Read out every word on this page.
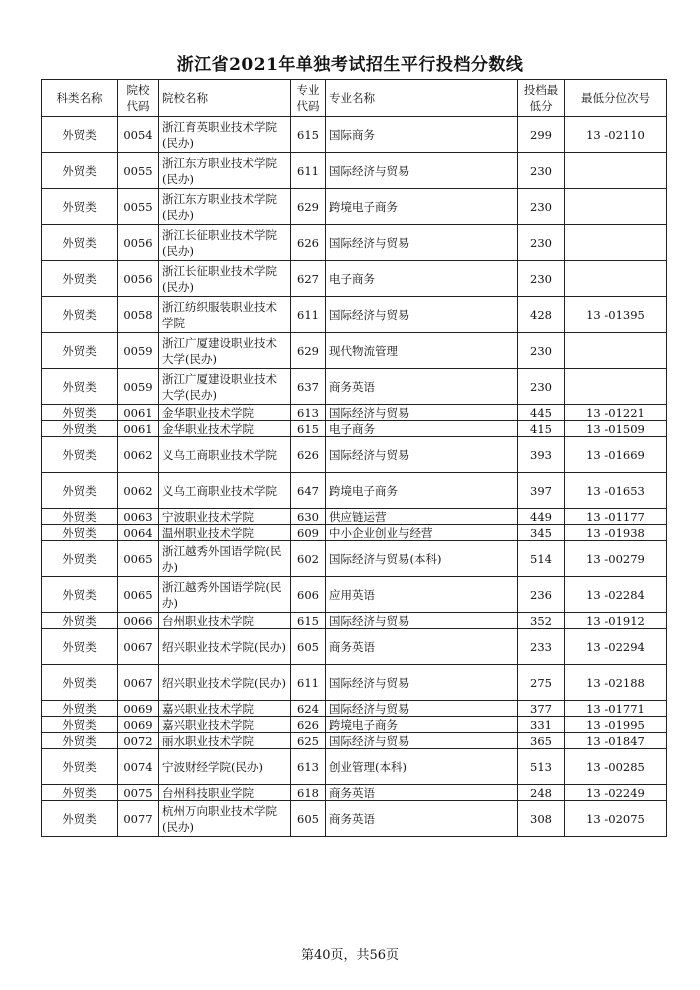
浙江省2021年单独考试招生平行投档分数线
科类名称	院校代码	院校名称	专业代码	专业名称	投档最低分	最低分位次号
外贸类	0054	浙江育英职业技术学院(民办)	615	国际商务	299	13 -02110
外贸类	0055	浙江东方职业技术学院(民办)	611	国际经济与贸易	230	
外贸类	0055	浙江东方职业技术学院(民办)	629	跨境电子商务	230	
外贸类	0056	浙江长征职业技术学院(民办)	626	国际经济与贸易	230	
外贸类	0056	浙江长征职业技术学院(民办)	627	电子商务	230	
外贸类	0058	浙江纺织服装职业技术学院	611	国际经济与贸易	428	13 -01395
外贸类	0059	浙江广厦建设职业技术大学(民办)	629	现代物流管理	230	
外贸类	0059	浙江广厦建设职业技术大学(民办)	637	商务英语	230	
外贸类	0061	金华职业技术学院	613	国际经济与贸易	445	13 -01221
外贸类	0061	金华职业技术学院	615	电子商务	415	13 -01509
外贸类	0062	义乌工商职业技术学院	626	国际经济与贸易	393	13 -01669
外贸类	0062	义乌工商职业技术学院	647	跨境电子商务	397	13 -01653
外贸类	0063	宁波职业技术学院	630	供应链运营	449	13 -01177
外贸类	0064	温州职业技术学院	609	中小企业创业与经营	345	13 -01938
外贸类	0065	浙江越秀外国语学院(民办)	602	国际经济与贸易(本科)	514	13 -00279
外贸类	0065	浙江越秀外国语学院(民办)	606	应用英语	236	13 -02284
外贸类	0066	台州职业技术学院	615	国际经济与贸易	352	13 -01912
外贸类	0067	绍兴职业技术学院(民办)	605	商务英语	233	13 -02294
外贸类	0067	绍兴职业技术学院(民办)	611	国际经济与贸易	275	13 -02188
外贸类	0069	嘉兴职业技术学院	624	国际经济与贸易	377	13 -01771
外贸类	0069	嘉兴职业技术学院	626	跨境电子商务	331	13 -01995
外贸类	0072	丽水职业技术学院	625	国际经济与贸易	365	13 -01847
外贸类	0074	宁波财经学院(民办)	613	创业管理(本科)	513	13 -00285
外贸类	0075	台州科技职业学院	618	商务英语	248	13 -02249
外贸类	0077	杭州万向职业技术学院(民办)	605	商务英语	308	13 -02075
第40页，共56页
